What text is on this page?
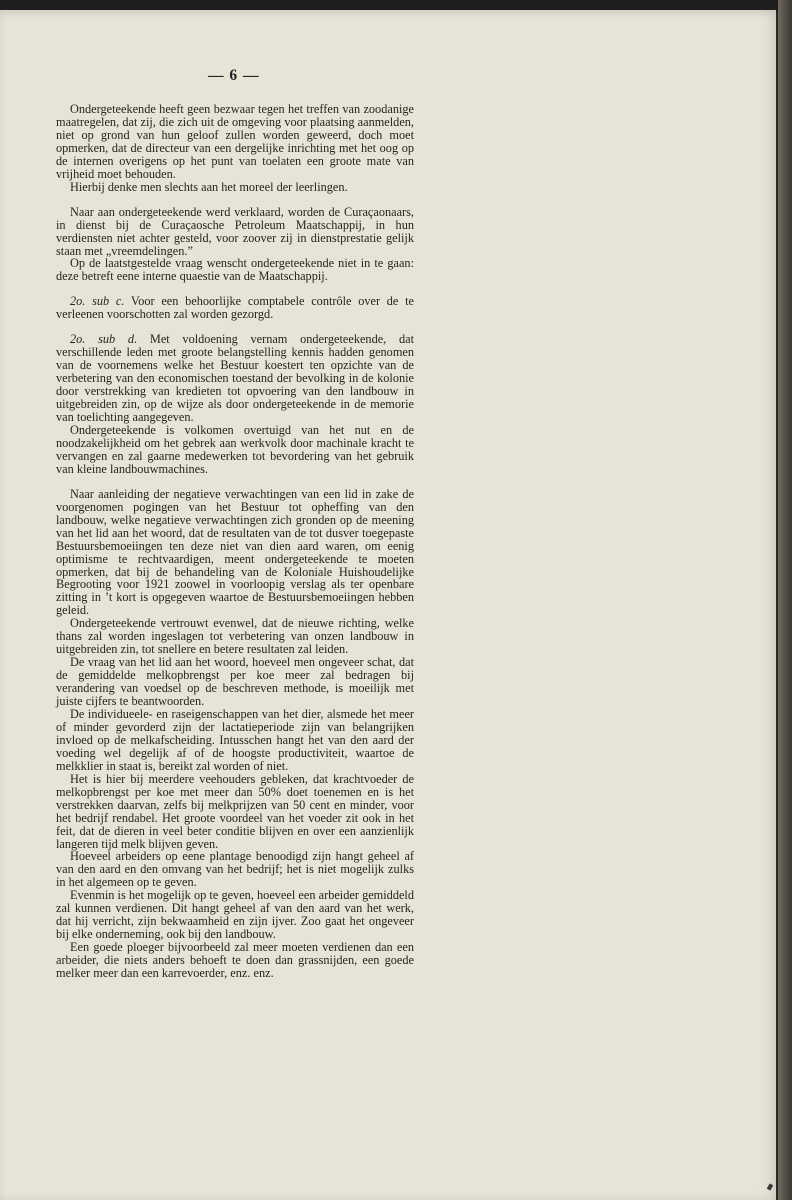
— 6 —

Ondergeteekende heeft geen bezwaar tegen het treffen van zoodanige maatregelen, dat zij, die zich uit de omgeving voor plaatsing aanmelden, niet op grond van hun geloof zullen worden geweerd, doch moet opmerken, dat de directeur van een dergelijke inrichting met het oog op de internen overigens op het punt van toelaten een groote mate van vrijheid moet behouden.

Hierbij denke men slechts aan het moreel der leerlingen.

Naar aan ondergeteekende werd verklaard, worden de Curaçaonaars, in dienst bij de Curaçaosche Petroleum Maatschappij, in hun verdiensten niet achter gesteld, voor zoover zij in dienstprestatie gelijk staan met „vreemdelingen.”

Op de laatstgestelde vraag wenscht ondergeteekende niet in te gaan: deze betreft eene interne quaestie van de Maatschappij.

2o. sub c. Voor een behoorlijke comptabele contrôle over de te verleenen voorschotten zal worden gezorgd.

2o. sub d. Met voldoening vernam ondergeteekende, dat verschillende leden met groote belangstelling kennis hadden genomen van de voornemens welke het Bestuur koestert ten opzichte van de verbetering van den economischen toestand der bevolking in de kolonie door verstrekking van kredieten tot opvoering van den landbouw in uitgebreiden zin, op de wijze als door ondergeteekende in de memorie van toelichting aangegeven.

Ondergeteekende is volkomen overtuigd van het nut en de noodzakelijkheid om het gebrek aan werkvolk door machinale kracht te vervangen en zal gaarne medewerken tot bevordering van het gebruik van kleine landbouwmachines.

Naar aanleiding der negatieve verwachtingen van een lid in zake de voorgenomen pogingen van het Bestuur tot opheffing van den landbouw, welke negatieve verwachtingen zich gronden op de meening van het lid aan het woord, dat de resultaten van de tot dusver toegepaste Bestuursbemoeiingen ten deze niet van dien aard waren, om eenig optimisme te rechtvaardigen, meent ondergeteekende te moeten opmerken, dat bij de behandeling van de Koloniale Huishoudelijke Begrooting voor 1921 zoowel in voorloopig verslag als ter openbare zitting in ’t kort is opgegeven waartoe de Bestuursbemoeiingen hebben geleid.

Ondergeteekende vertrouwt evenwel, dat de nieuwe richting, welke thans zal worden ingeslagen tot verbetering van onzen landbouw in uitgebreiden zin, tot snellere en betere resultaten zal leiden.

De vraag van het lid aan het woord, hoeveel men ongeveer schat, dat de gemiddelde melkopbrengst per koe meer zal bedragen bij verandering van voedsel op de beschreven methode, is moeilijk met juiste cijfers te beantwoorden.

De individueele- en raseigenschappen van het dier, alsmede het meer of minder gevorderd zijn der lactatieperiode zijn van belangrijken invloed op de melkafscheiding. Intusschen hangt het van den aard der voeding wel degelijk af of de hoogste productiviteit, waartoe de melkklier in staat is, bereikt zal worden of niet.

Het is hier bij meerdere veehouders gebleken, dat krachtvoeder de melkopbrengst per koe met meer dan 50% doet toenemen en is het verstrekken daarvan, zelfs bij melkprijzen van 50 cent en minder, voor het bedrijf rendabel. Het groote voordeel van het voeder zit ook in het feit, dat de dieren in veel beter conditie blijven en over een aanzienlijk langeren tijd melk blijven geven.

Hoeveel arbeiders op eene plantage benoodigd zijn hangt geheel af van den aard en den omvang van het bedrijf; het is niet mogelijk zulks in het algemeen op te geven.

Evenmin is het mogelijk op te geven, hoeveel een arbeider gemiddeld zal kunnen verdienen. Dit hangt geheel af van den aard van het werk, dat hij verricht, zijn bekwaamheid en zijn ijver. Zoo gaat het ongeveer bij elke onderneming, ook bij den landbouw.

Een goede ploeger bijvoorbeeld zal meer moeten verdienen dan een arbeider, die niets anders behoeft te doen dan grassnijden, een goede melker meer dan een karrevoerder, enz. enz.
